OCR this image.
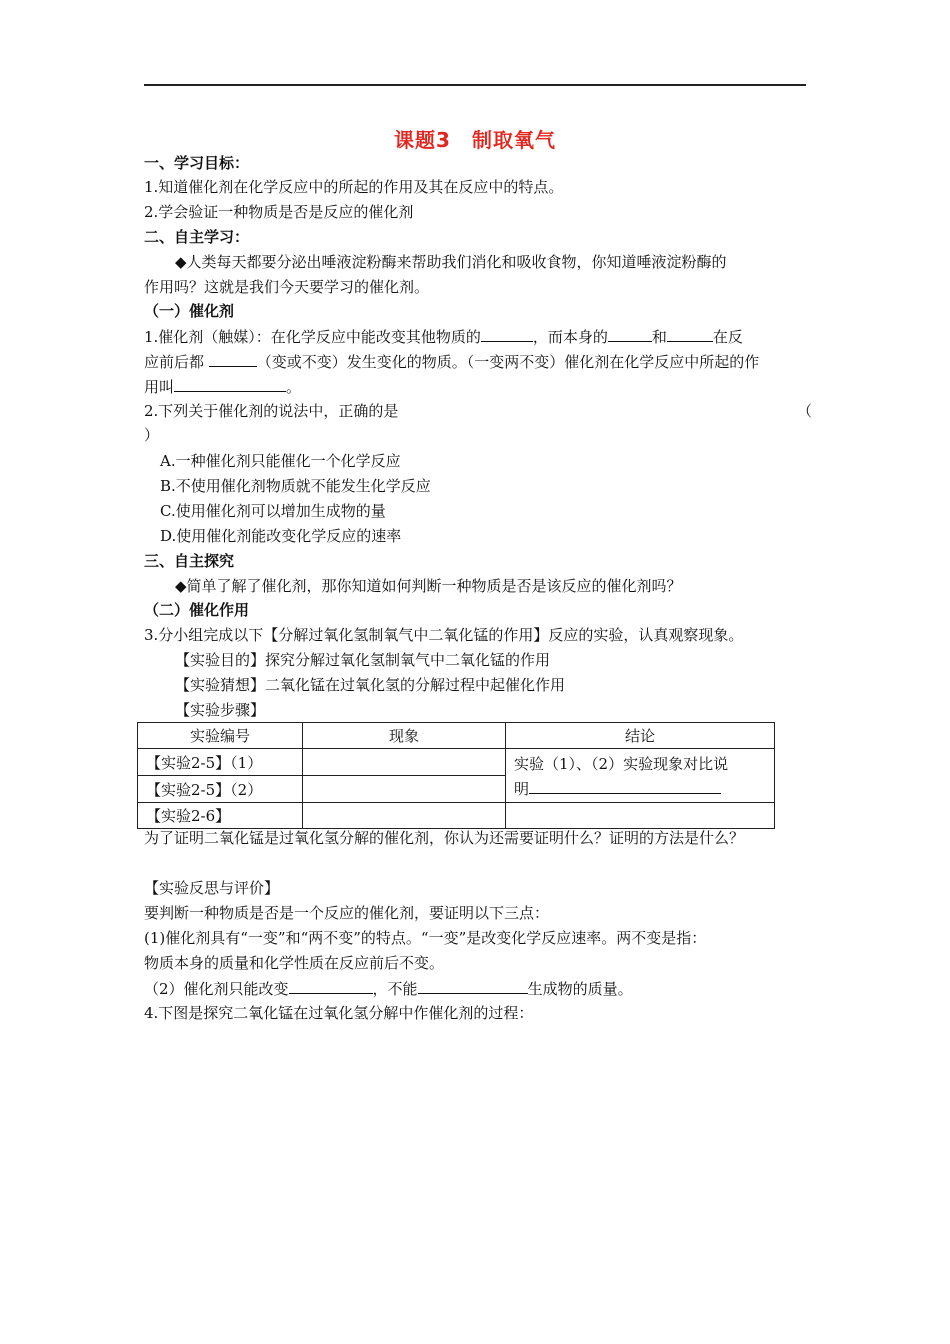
课题3　制取氧气
一、学习目标：
1.知道催化剂在化学反应中的所起的作用及其在反应中的特点。
2.学会验证一种物质是否是反应的催化剂
二、自主学习：
◆人类每天都要分泌出唾液淀粉酶来帮助我们消化和吸收食物，你知道唾液淀粉酶的
作用吗？这就是我们今天要学习的催化剂。
（一）催化剂
1.催化剂（触媒）：在化学反应中能改变其他物质的	，而本身的	和	在反
应前后都	（变或不变）发生变化的物质。（一变两不变）催化剂在化学反应中所起的作
用叫	。
2.下列关于催化剂的说法中，正确的是	（
）
A.一种催化剂只能催化一个化学反应
B.不使用催化剂物质就不能发生化学反应
C.使用催化剂可以增加生成物的量
D.使用催化剂能改变化学反应的速率
三、自主探究
◆简单了解了催化剂，那你知道如何判断一种物质是否是该反应的催化剂吗？
（二）催化作用
3.分小组完成以下【分解过氧化氢制氧气中二氧化锰的作用】反应的实验，认真观察现象。
【实验目的】探究分解过氧化氢制氧气中二氧化锰的作用
【实验猜想】二氧化锰在过氧化氢的分解过程中起催化作用
【实验步骤】
实验编号	现象	结论
【实验2-5】（1）		实验（1）、（2）实验现象对比说
明

【实验2-5】（2）		
【实验2-6】		
为了证明二氧化锰是过氧化氢分解的催化剂，你认为还需要证明什么？证明的方法是什么？
【实验反思与评价】
要判断一种物质是否是一个反应的催化剂，要证明以下三点：
(1)催化剂具有“一变”和“两不变”的特点。“一变”是改变化学反应速率。两不变是指：
物质本身的质量和化学性质在反应前后不变。
（2）催化剂只能改变	，不能	生成物的质量。
4.下图是探究二氧化锰在过氧化氢分解中作催化剂的过程：
